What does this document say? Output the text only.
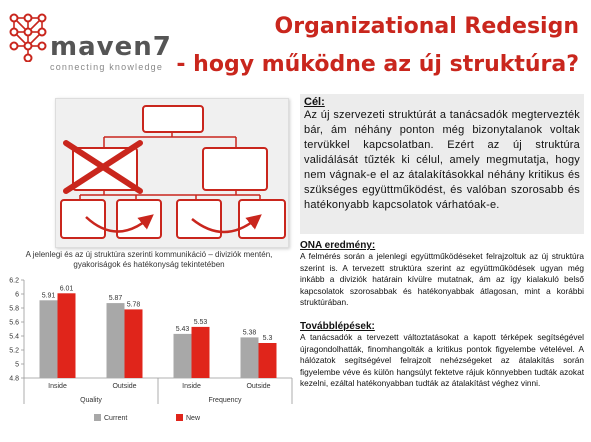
maven7
connecting knowledge
Organizational Redesign
- hogy működne az új struktúra?
A jelenlegi és az új struktúra szerinti kommunikáció – diviziók mentén, gyakoriságok és hatékonyság tekintetében
4.8
5
5.2
5.4
5.6
5.8
6
6.2
5.91
6.01
Inside
5.87
5.78
Outside
5.43
5.53
Inside
5.38
5.3
Outside
Quality	Frequency
Current	New
Cél:
Az új szervezeti struktúrát a tanácsadók megtervezték bár, ám néhány ponton még bizonytalanok voltak tervükkel kapcsolatban. Ezért az új struktúra validálását tűzték ki célul, amely megmutatja, hogy nem vágnak-e el az átalakításokkal néhány kritikus és szükséges együttműködést, és valóban szorosabb és hatékonyabb kapcsolatok várhatóak-e.
ONA eredmény:
A felmérés során a jelenlegi együttműködéseket felrajzoltuk az új struktúra szerint is. A tervezett struktúra szerint az együttműködések ugyan még inkább a diviziók határain kívülre mutatnak, ám az így kialakuló belső kapcsolatok szorosabbak és hatékonyabbak átlagosan, mint a korábbi struktúrában.
Továbblépések:
A tanácsadók a tervezett változtatásokat a kapott térképek segítségével újragondolhatták, finomhangolták a kritikus pontok figyelembe vételével. A hálózatok segítségével felrajzolt nehézségeket az átalakítás során figyelembe véve és külön hangsúlyt fektetve rájuk könnyebben tudták azokat kezelni, ezáltal hatékonyabban tudták az átalakítást véghez vinni.
